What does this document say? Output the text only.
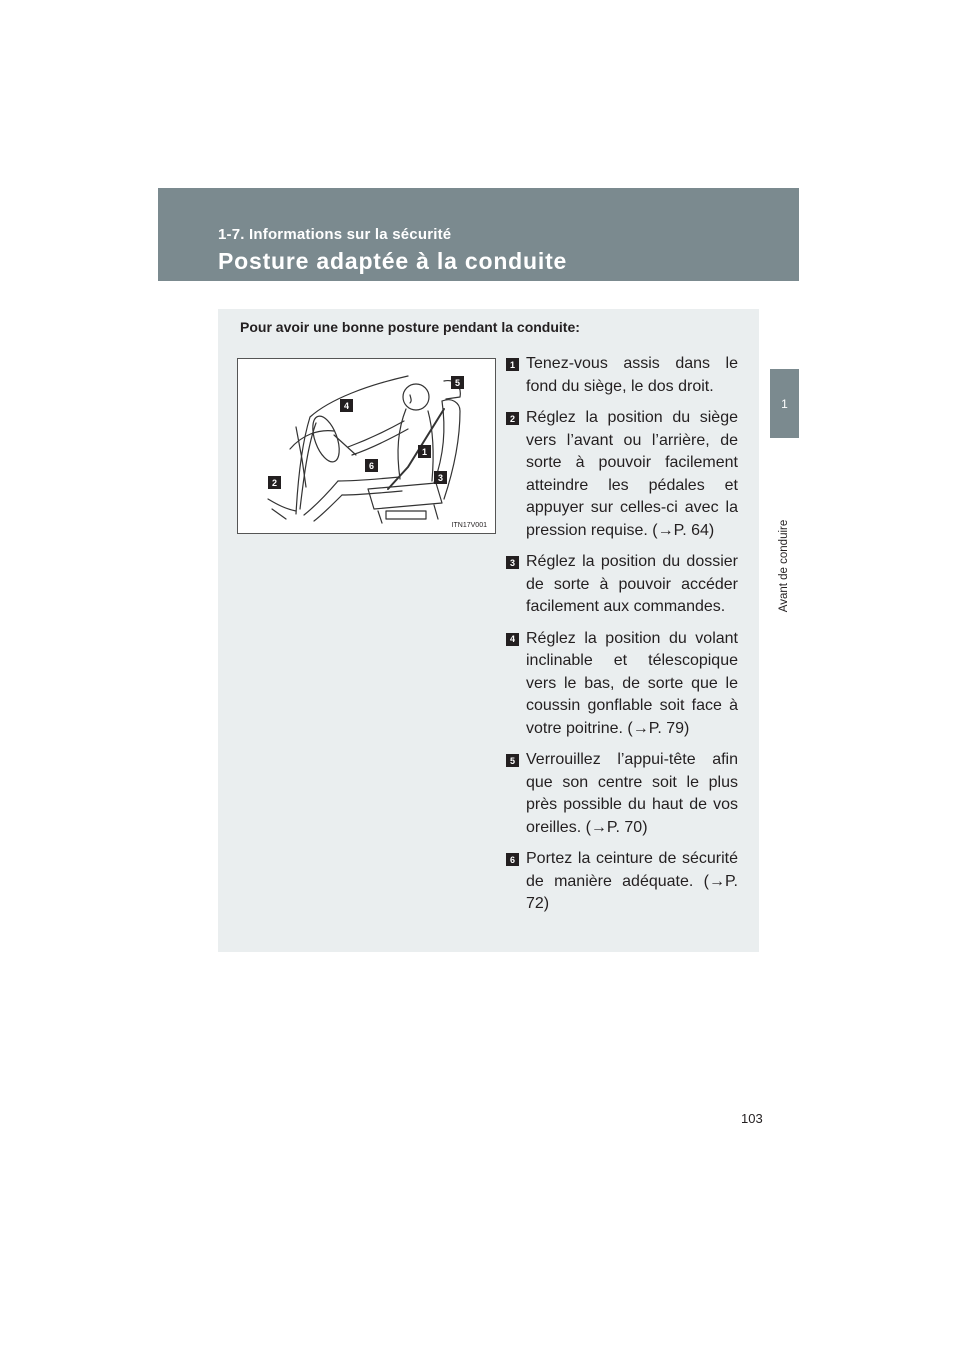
1-7. Informations sur la sécurité
Posture adaptée à la conduite
1
Avant de conduire
Pour avoir une bonne posture pendant la conduite:
1
2	3
4
5
6
ITN17V001
1 Tenez-vous assis dans le fond du siège, le dos droit.
2 Réglez la position du siège vers l’avant ou l’arrière, de sorte à pouvoir facilement atteindre les pédales et appuyer sur celles-ci avec la pression requise. (→P. 64)
3 Réglez la position du dossier de sorte à pouvoir accéder facilement aux commandes.
4 Réglez la position du volant inclinable et télescopique vers le bas, de sorte que le coussin gonflable soit face à votre poitrine. (→P. 79)
5 Verrouillez l’appui-tête afin que son centre soit le plus près possible du haut de vos oreilles. (→P. 70)
6 Portez la ceinture de sécurité de manière adéquate. (→P. 72)
103
